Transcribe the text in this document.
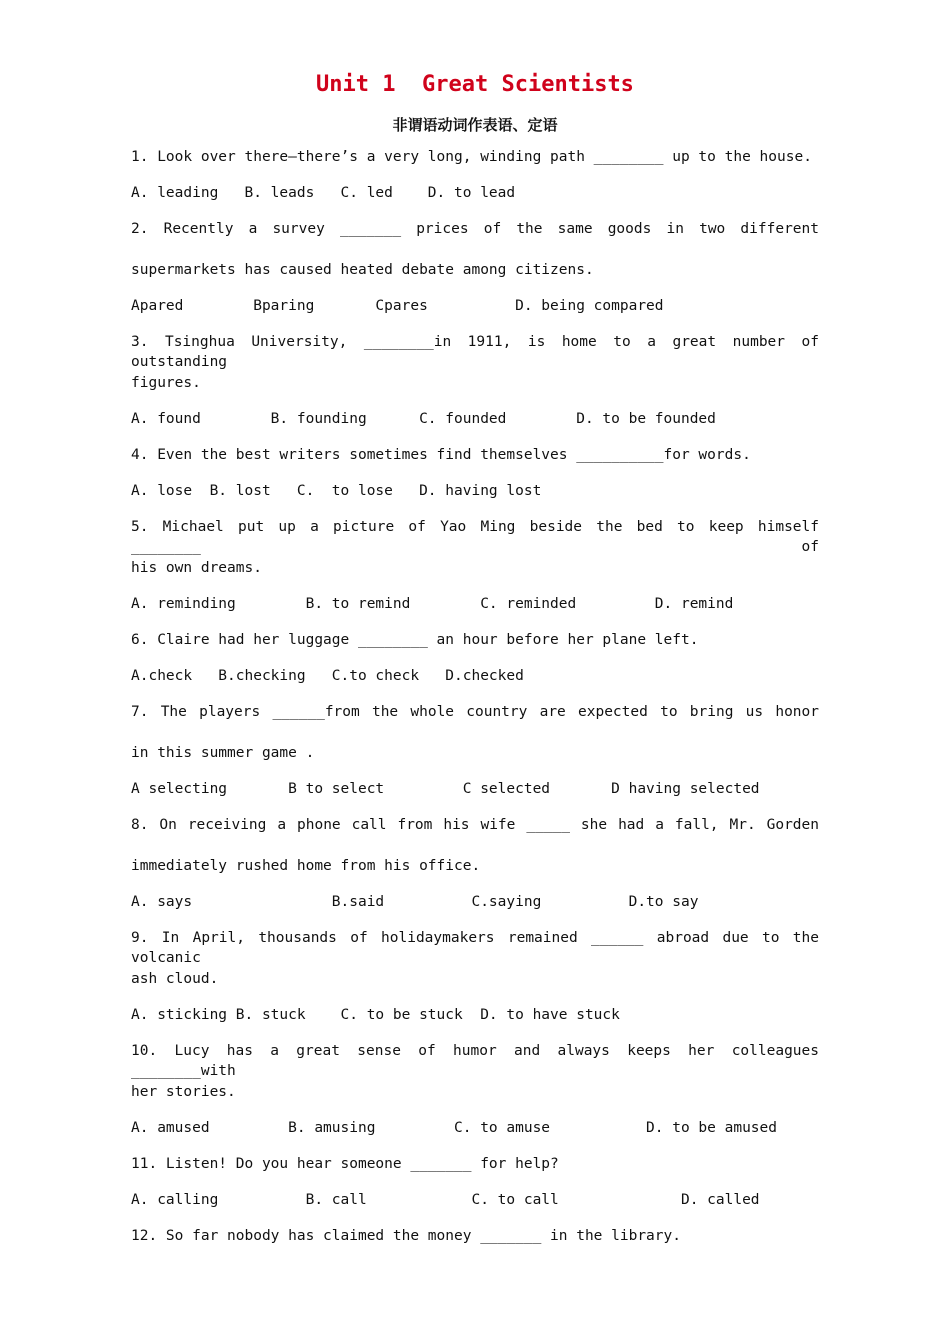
Unit 1  Great Scientists
非谓语动词作表语、定语
1. Look over there—there’s a very long, winding path ________ up to the house.
A. leading   B. leads   C. led    D. to lead
2. Recently a survey _______ prices of the same goods in two different
supermarkets has caused heated debate among citizens.
Apared        Bparing       Cpares          D. being compared
3. Tsinghua University, ________in 1911, is home to a great number of outstanding
figures.
A. found        B. founding      C. founded        D. to be founded
4. Even the best writers sometimes find themselves __________for words.
A. lose  B. lost   C.  to lose   D. having lost
5. Michael put up a picture of Yao Ming beside the bed to keep himself ________ of
his own dreams.
A. reminding        B. to remind        C. reminded         D. remind
6. Claire had her luggage ________ an hour before her plane left.
A.check   B.checking   C.to check   D.checked
7. The players ______from the whole country are expected to bring us honor
in this summer game .
A selecting       B to select         C selected       D having selected
8. On receiving a phone call from his wife _____ she had a fall, Mr. Gorden
immediately rushed home from his office.
A. says                B.said          C.saying          D.to say
9. In April, thousands of holidaymakers remained ______ abroad due to the volcanic
ash cloud.
A. sticking B. stuck    C. to be stuck  D. to have stuck
10. Lucy has a great sense of humor and always keeps her colleagues ________with
her stories.
A. amused         B. amusing         C. to amuse           D. to be amused
11. Listen! Do you hear someone _______ for help?
A. calling          B. call            C. to call              D. called
12. So far nobody has claimed the money _______ in the library.
